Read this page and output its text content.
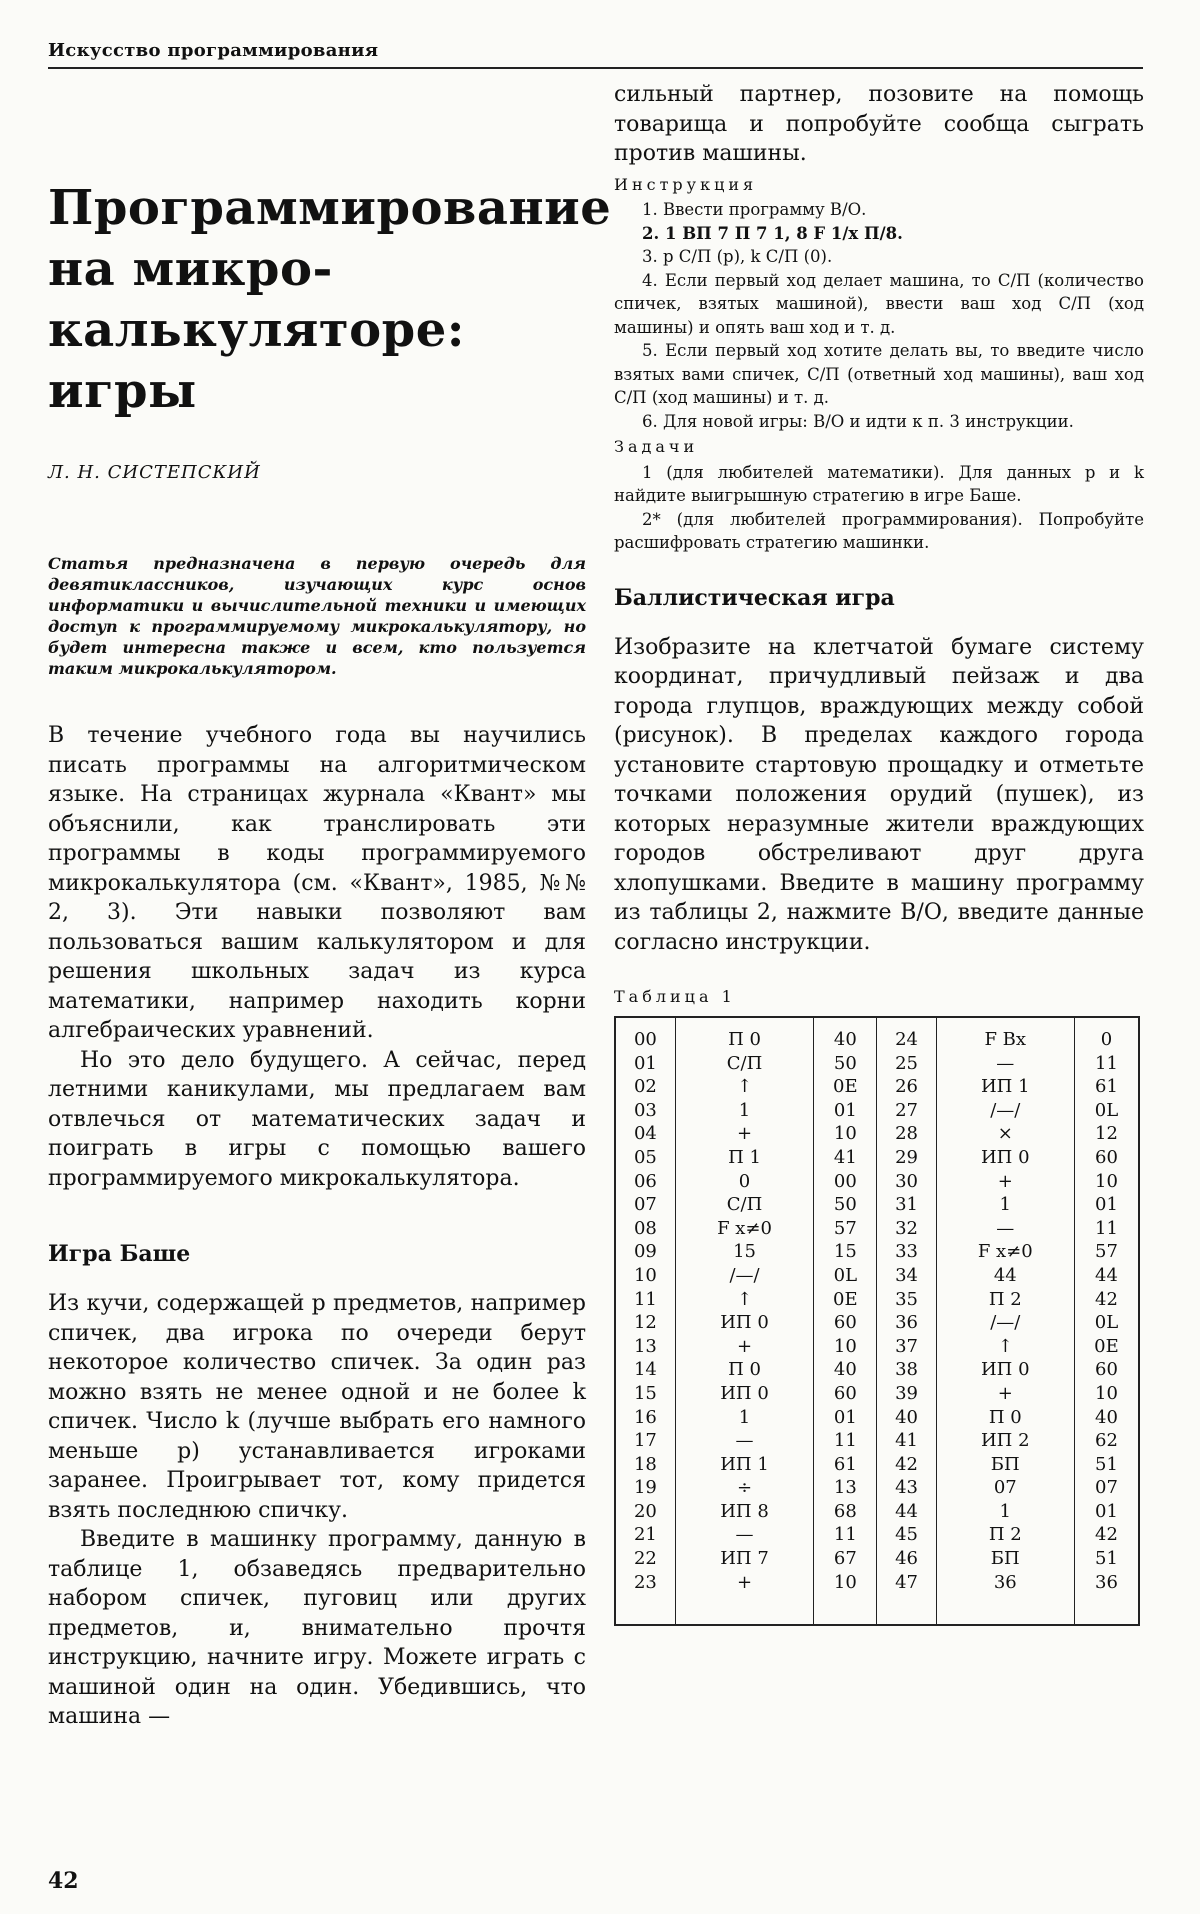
Искусство программирования
Программирование
на микро-
калькуляторе:
игры
Л. Н. СИСТЕПСКИЙ
Статья предназначена в первую очередь для девятиклассников, изучающих курс основ информатики и вычислительной техники и имеющих доступ к программируемому микрокалькулятору, но будет интересна также и всем, кто пользуется таким микрокалькулятором.

В течение учебного года вы научились писать программы на алгоритмическом языке. На страницах журнала «Квант» мы объяснили, как транслировать эти программы в коды программируемого микрокалькулятора (см. «Квант», 1985, №№ 2, 3). Эти навыки позволяют вам пользоваться вашим калькулятором и для решения школьных задач из курса математики, например находить корни алгебраических уравнений.

Но это дело будущего. А сейчас, перед летними каникулами, мы предлагаем вам отвлечься от математических задач и поиграть в игры с помощью вашего программируемого микрокалькулятора.

Игра Баше

Из кучи, содержащей p предметов, например спичек, два игрока по очереди берут некоторое количество спичек. За один раз можно взять не менее одной и не более k спичек. Число k (лучше выбрать его намного меньше p) устанавливается игроками заранее. Проигрывает тот, кому придется взять последнюю спичку.

Введите в машинку программу, данную в таблице 1, обзаведясь предварительно набором спичек, пуговиц или других предметов, и, внимательно прочтя инструкцию, начните игру. Можете играть с машиной один на один. Убедившись, что машина —

сильный партнер, позовите на помощь товарища и попробуйте сообща сыграть против машины.

Инструкция

1. Ввести программу В/О.

2. 1 ВП 7 П 7 1, 8 F 1/x П/8.

3. p С/П (p), k С/П (0).

4. Если первый ход делает машина, то С/П (количество спичек, взятых машиной), ввести ваш ход С/П (ход машины) и опять ваш ход и т. д.

5. Если первый ход хотите делать вы, то введите число взятых вами спичек, С/П (ответный ход машины), ваш ход С/П (ход машины) и т. д.

6. Для новой игры: В/О и идти к п. 3 инструкции.

Задачи

1 (для любителей математики). Для данных p и k найдите выигрышную стратегию в игре Баше.

2* (для любителей программирования). Попробуйте расшифровать стратегию машинки.

Баллистическая игра

Изобразите на клетчатой бумаге систему координат, причудливый пейзаж и два города глупцов, враждующих между собой (рисунок). В пределах каждого города установите стартовую прощадку и отметьте точками положения орудий (пушек), из которых неразумные жители враждующих городов обстреливают друг друга хлопушками. Введите в машину программу из таблицы 2, нажмите В/О, введите данные согласно инструкции.

Таблица 1
00	П 0	40	24	F Bx	0
01	С/П	50	25	—	11
02	↑	0E	26	ИП 1	61
03	1	01	27	/—/	0L
04	+	10	28	×	12
05	П 1	41	29	ИП 0	60
06	0	00	30	+	10
07	С/П	50	31	1	01
08	F x≠0	57	32	—	11
09	15	15	33	F x≠0	57
10	/—/	0L	34	44	44
11	↑	0E	35	П 2	42
12	ИП 0	60	36	/—/	0L
13	+	10	37	↑	0E
14	П 0	40	38	ИП 0	60
15	ИП 0	60	39	+	10
16	1	01	40	П 0	40
17	—	11	41	ИП 2	62
18	ИП 1	61	42	БП	51
19	÷	13	43	07	07
20	ИП 8	68	44	1	01
21	—	11	45	П 2	42
22	ИП 7	67	46	БП	51
23	+	10	47	36	36
42
